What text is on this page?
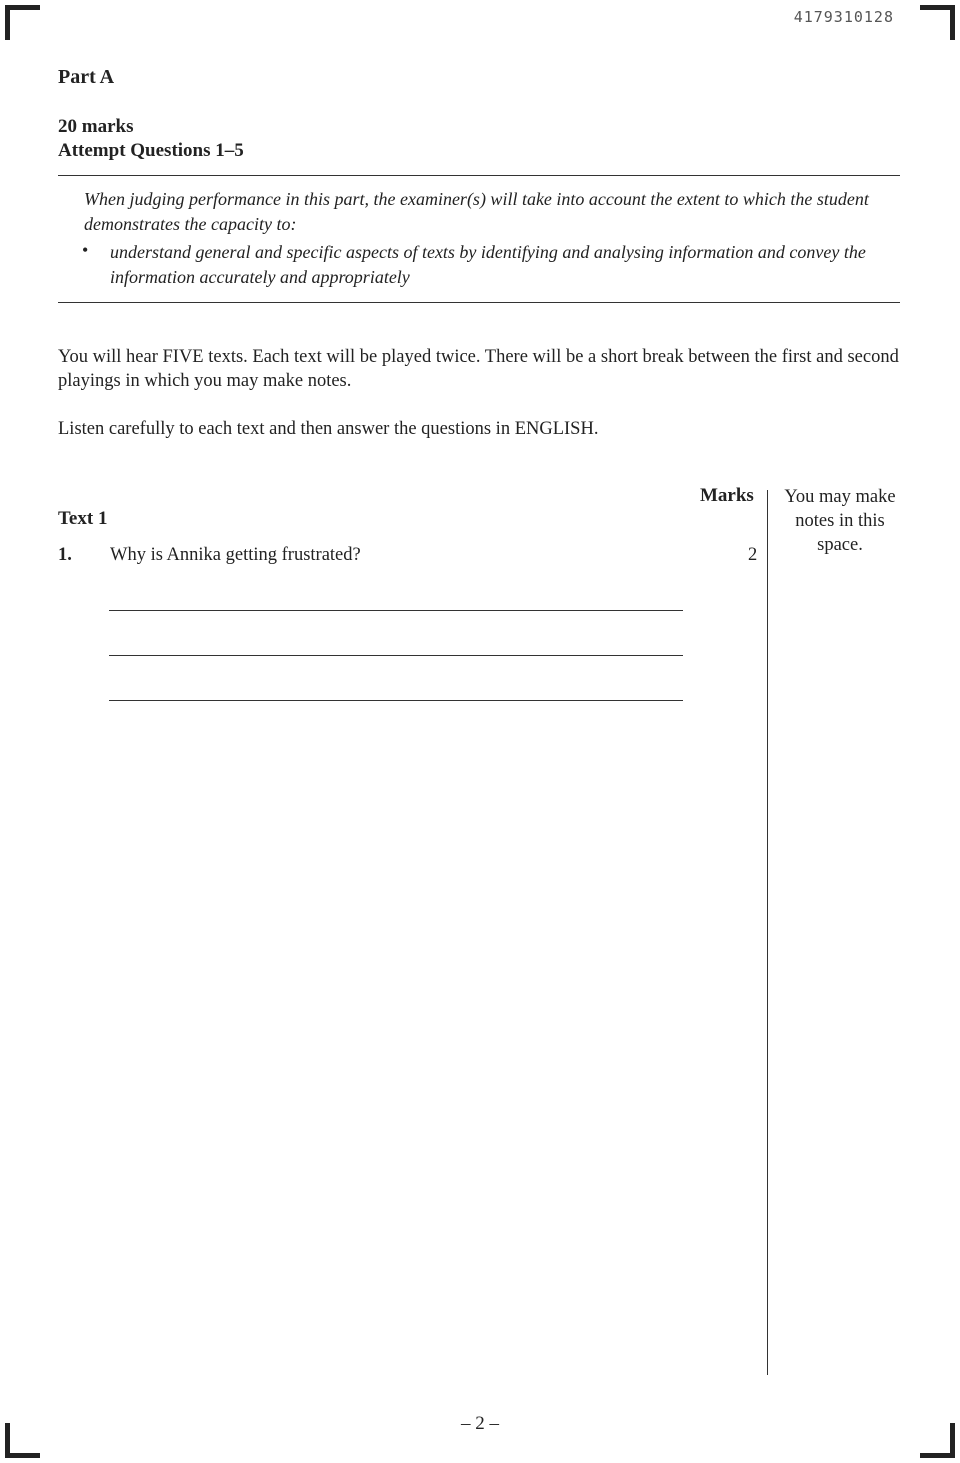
4179310128
Part A
20 marks
Attempt Questions 1–5
When judging performance in this part, the examiner(s) will take into account the extent to which the student demonstrates the capacity to:
• understand general and specific aspects of texts by identifying and analysing information and convey the information accurately and appropriately
You will hear FIVE texts. Each text will be played twice. There will be a short break between the first and second playings in which you may make notes.
Listen carefully to each text and then answer the questions in ENGLISH.
Marks	You may make notes in this space.
Text 1
1. Why is Annika getting frustrated?	2
– 2 –
